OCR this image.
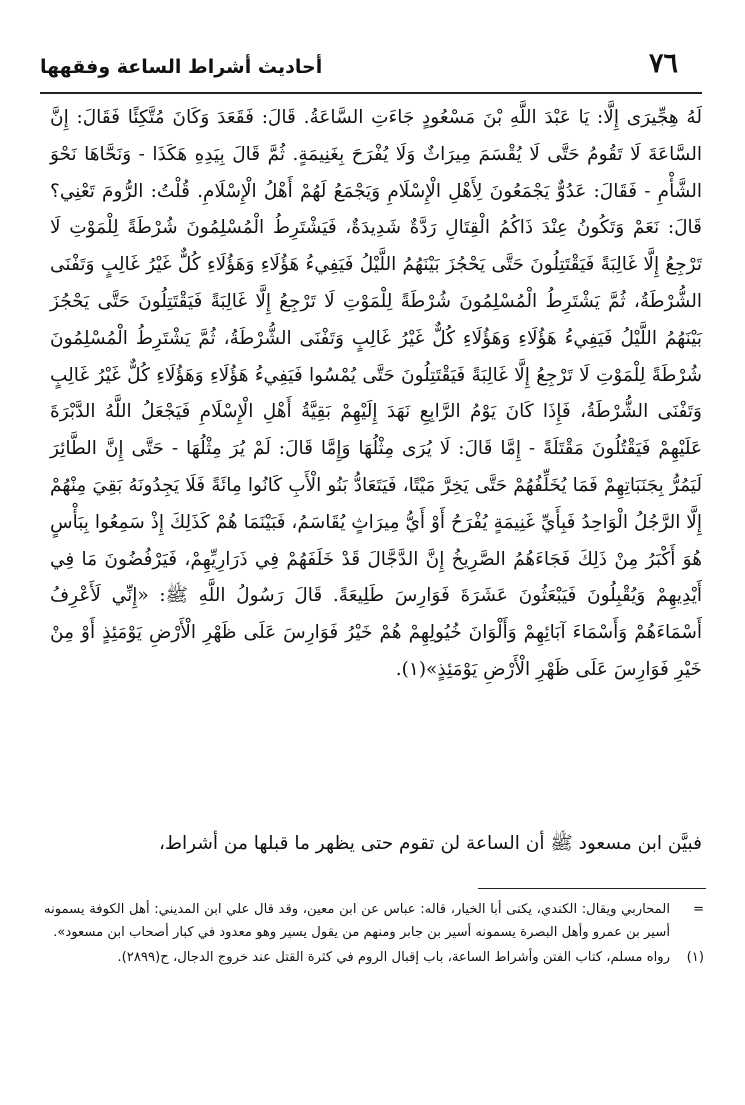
٧٦
أحاديث أشراط الساعة وفقهها

لَهُ هِجِّيرَى إِلَّا: يَا عَبْدَ اللَّهِ بْنَ مَسْعُودٍ جَاءَتِ السَّاعَةُ. قَالَ: فَقَعَدَ وَكَانَ مُتَّكِئًا فَقَالَ: إِنَّ السَّاعَةَ لَا تَقُومُ حَتَّى لَا يُقْسَمَ مِيرَاثٌ وَلَا يُفْرَحَ بِغَنِيمَةٍ. ثُمَّ قَالَ بِيَدِهِ هَكَذَا - وَنَحَّاهَا نَحْوَ الشَّأْمِ - فَقَالَ: عَدُوٌّ يَجْمَعُونَ لِأَهْلِ الْإِسْلَامِ وَيَجْمَعُ لَهُمْ أَهْلُ الْإِسْلَامِ. قُلْتُ: الرُّومَ تَعْنِي؟ قَالَ: نَعَمْ وَتَكُونُ عِنْدَ ذَاكُمُ الْقِتَالِ رَدَّةٌ شَدِيدَةٌ، فَيَشْتَرِطُ الْمُسْلِمُونَ شُرْطَةً لِلْمَوْتِ لَا تَرْجِعُ إِلَّا غَالِبَةً فَيَقْتَتِلُونَ حَتَّى يَحْجُزَ بَيْنَهُمُ اللَّيْلُ فَيَفِيءُ هَؤُلَاءِ وَهَؤُلَاءِ كُلٌّ غَيْرُ غَالِبٍ وَتَفْنَى الشُّرْطَةُ، ثُمَّ يَشْتَرِطُ الْمُسْلِمُونَ شُرْطَةً لِلْمَوْتِ لَا تَرْجِعُ إِلَّا غَالِبَةً فَيَقْتَتِلُونَ حَتَّى يَحْجُزَ بَيْنَهُمُ اللَّيْلُ فَيَفِيءُ هَؤُلَاءِ وَهَؤُلَاءِ كُلٌّ غَيْرُ غَالِبٍ وَتَفْنَى الشُّرْطَةُ، ثُمَّ يَشْتَرِطُ الْمُسْلِمُونَ شُرْطَةً لِلْمَوْتِ لَا تَرْجِعُ إِلَّا غَالِبَةً فَيَقْتَتِلُونَ حَتَّى يُمْسُوا فَيَفِيءُ هَؤُلَاءِ وَهَؤُلَاءِ كُلٌّ غَيْرُ غَالِبٍ وَتَفْنَى الشُّرْطَةُ، فَإِذَا كَانَ يَوْمُ الرَّابِعِ نَهَدَ إِلَيْهِمْ بَقِيَّةُ أَهْلِ الْإِسْلَامِ فَيَجْعَلُ اللَّهُ الدَّبْرَةَ عَلَيْهِمْ فَيَقْتُلُونَ مَقْتَلَةً - إِمَّا قَالَ: لَا يُرَى مِثْلُهَا وَإِمَّا قَالَ: لَمْ يُرَ مِثْلُهَا - حَتَّى إِنَّ الطَّائِرَ لَيَمُرُّ بِجَنَبَاتِهِمْ فَمَا يُخَلِّفُهُمْ حَتَّى يَخِرَّ مَيْتًا، فَيَتَعَادُّ بَنُو الْأَبِ كَانُوا مِائَةً فَلَا يَجِدُونَهُ بَقِيَ مِنْهُمْ إِلَّا الرَّجُلُ الْوَاحِدُ فَبِأَيِّ غَنِيمَةٍ يُفْرَحُ أَوْ أَيُّ مِيرَاثٍ يُقَاسَمُ، فَبَيْنَمَا هُمْ كَذَلِكَ إِذْ سَمِعُوا بِبَأْسٍ هُوَ أَكْبَرُ مِنْ ذَلِكَ فَجَاءَهُمُ الصَّرِيخُ إِنَّ الدَّجَّالَ قَدْ خَلَفَهُمْ فِي ذَرَارِيِّهِمْ، فَيَرْفُضُونَ مَا فِي أَيْدِيهِمْ وَيُقْبِلُونَ فَيَبْعَثُونَ عَشَرَةَ فَوَارِسَ طَلِيعَةً. قَالَ رَسُولُ اللَّهِ ﷺ: «إِنِّي لَأَعْرِفُ أَسْمَاءَهُمْ وَأَسْمَاءَ آبَائِهِمْ وَأَلْوَانَ خُيُولِهِمْ هُمْ خَيْرُ فَوَارِسَ عَلَى ظَهْرِ الْأَرْضِ يَوْمَئِذٍ أَوْ مِنْ خَيْرِ فَوَارِسَ عَلَى ظَهْرِ الْأَرْضِ يَوْمَئِذٍ»(١).

فبيَّن ابن مسعود ﷺ أن الساعة لن تقوم حتى يظهر ما قبلها من أشراط،
=
المحاربي ويقال: الكندي، يكنى أبا الخيار، قاله: عباس عن ابن معين، وقد قال علي ابن المديني: أهل الكوفة يسمونه أسير بن عمرو وأهل البصرة يسمونه أسير بن جابر ومنهم من يقول يسير وهو معدود في كبار أصحاب ابن مسعود».
(١)
رواه مسلم، كتاب الفتن وأشراط الساعة، باب إقبال الروم في كثرة القتل عند خروج الدجال، ح(٢٨٩٩).
